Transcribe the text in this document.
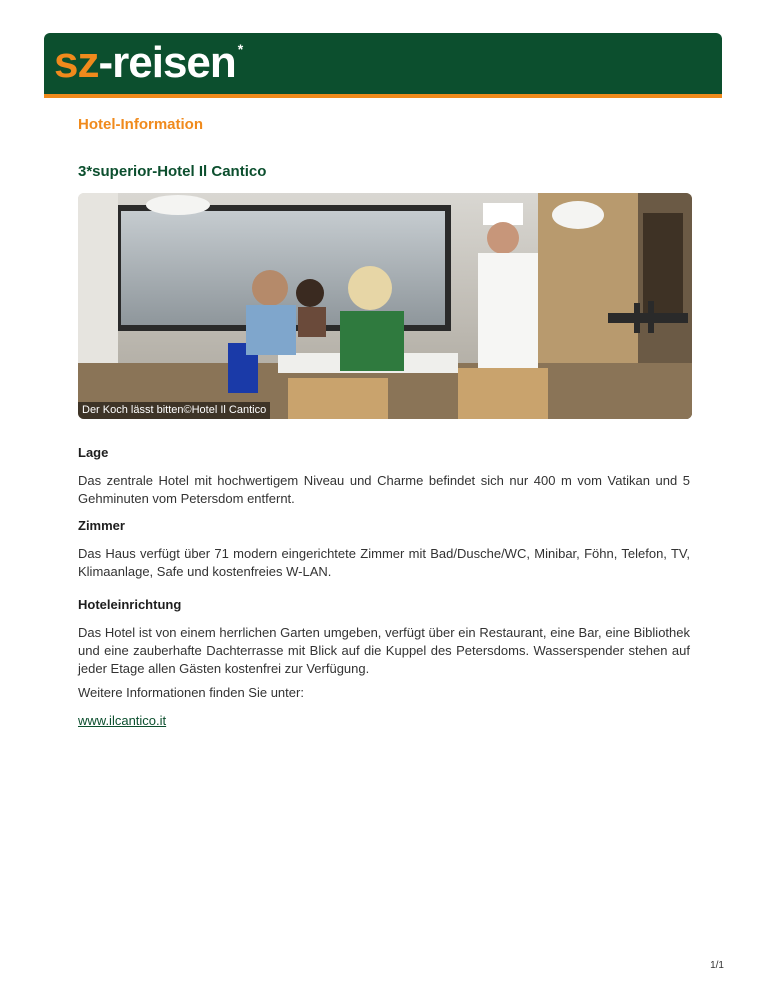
sz -reisen *
Hotel-Information
3*superior-Hotel Il Cantico
Der Koch lässt bitten©Hotel Il Cantico
Lage
Das zentrale Hotel mit hochwertigem Niveau und Charme befindet sich nur 400 m vom Vatikan und 5 Gehminuten vom Petersdom entfernt.
Zimmer
Das Haus verfügt über 71 modern eingerichtete Zimmer mit Bad/Dusche/WC, Minibar, Föhn, Telefon, TV, Klimaanlage, Safe und kostenfreies W-LAN.
Hoteleinrichtung
Das Hotel ist von einem herrlichen Garten umgeben, verfügt über ein Restaurant, eine Bar, eine Bibliothek und eine zauberhafte Dachterrasse mit Blick auf die Kuppel des Petersdoms. Wasserspender stehen auf jeder Etage allen Gästen kostenfrei zur Verfügung.
Weitere Informationen finden Sie unter:
www.ilcantico.it
1/1
